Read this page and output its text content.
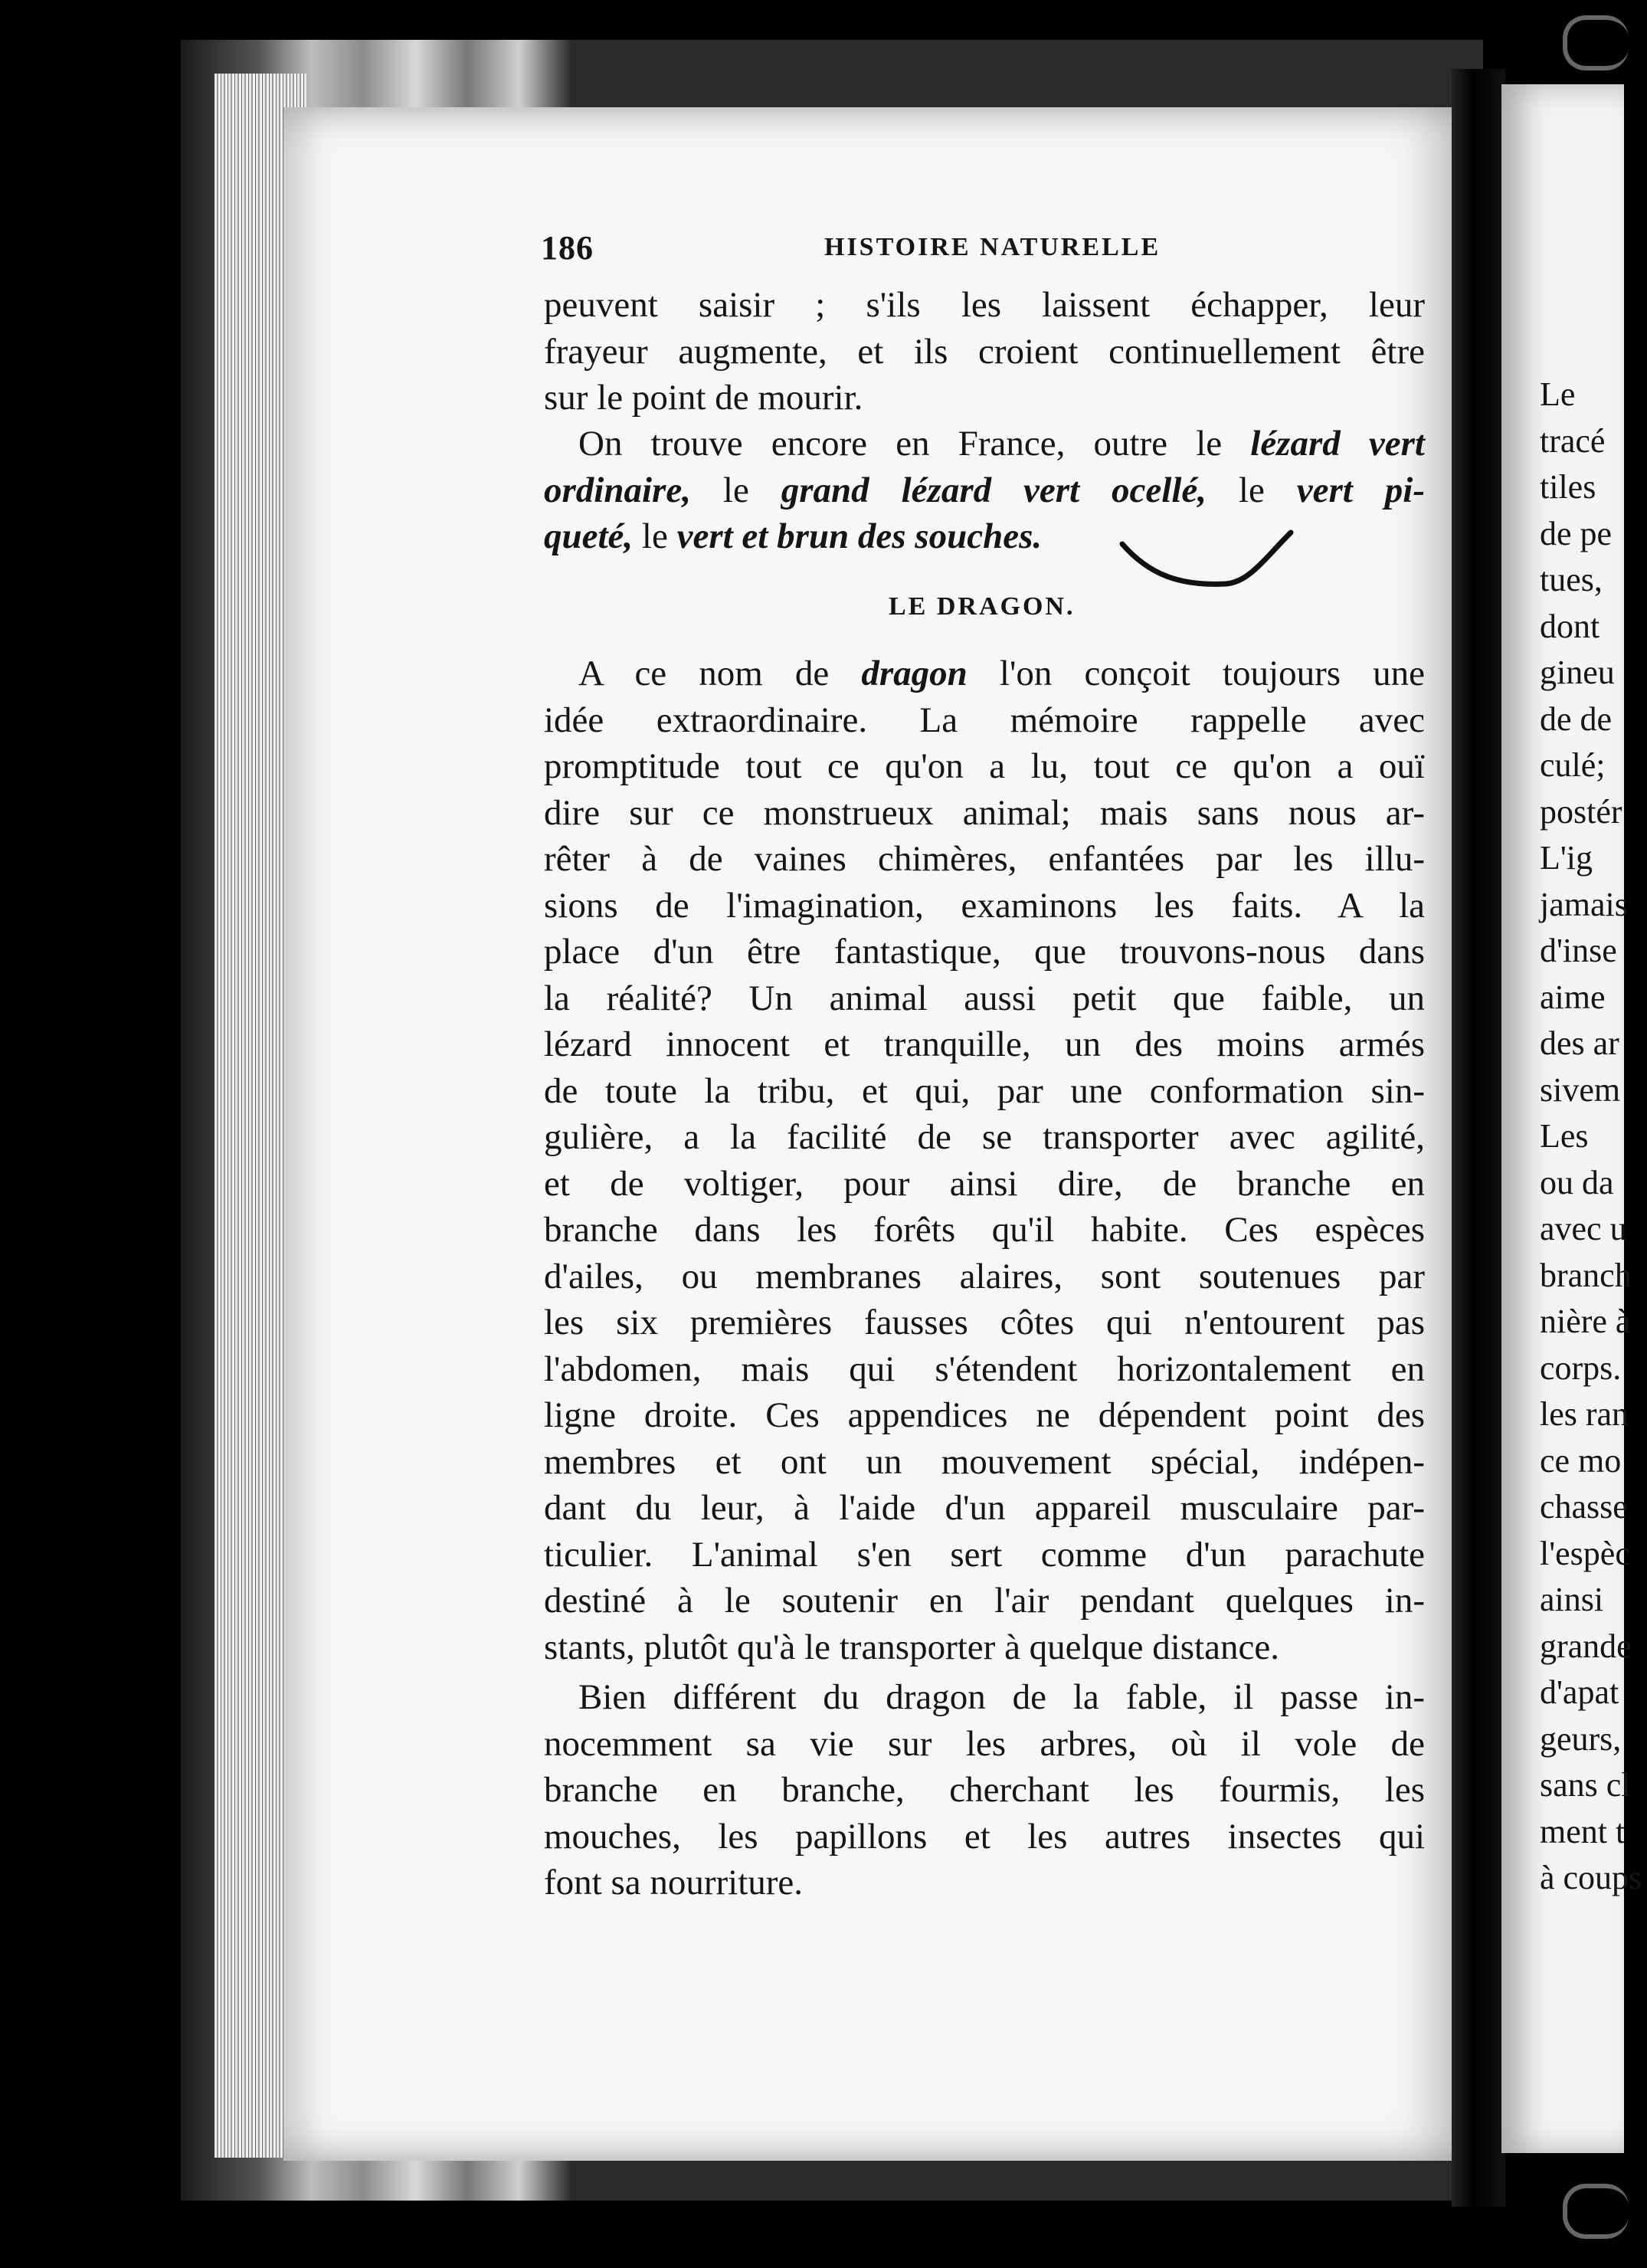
186	HISTOIRE NATURELLE
peuvent saisir ; s'ils les laissent échapper, leur
frayeur augmente, et ils croient continuellement être
sur le point de mourir.
On trouve encore en France, outre le lézard vert
ordinaire, le grand lézard vert ocellé, le vert pi-
queté, le vert et brun des souches.
LE DRAGON.
A ce nom de dragon l'on conçoit toujours une
idée extraordinaire. La mémoire rappelle avec
promptitude tout ce qu'on a lu, tout ce qu'on a ouï
dire sur ce monstrueux animal; mais sans nous ar-
rêter à de vaines chimères, enfantées par les illu-
sions de l'imagination, examinons les faits. A la
place d'un être fantastique, que trouvons-nous dans
la réalité? Un animal aussi petit que faible, un
lézard innocent et tranquille, un des moins armés
de toute la tribu, et qui, par une conformation sin-
gulière, a la facilité de se transporter avec agilité,
et de voltiger, pour ainsi dire, de branche en
branche dans les forêts qu'il habite. Ces espèces
d'ailes, ou membranes alaires, sont soutenues par
les six premières fausses côtes qui n'entourent pas
l'abdomen, mais qui s'étendent horizontalement en
ligne droite. Ces appendices ne dépendent point des
membres et ont un mouvement spécial, indépen-
dant du leur, à l'aide d'un appareil musculaire par-
ticulier. L'animal s'en sert comme d'un parachute
destiné à le soutenir en l'air pendant quelques in-
stants, plutôt qu'à le transporter à quelque distance.
Bien différent du dragon de la fable, il passe in-
nocemment sa vie sur les arbres, où il vole de
branche en branche, cherchant les fourmis, les
mouches, les papillons et les autres insectes qui
font sa nourriture.
Le
tracé
tiles
de pe
tues,
dont
gineu
de de
culé;
postér
L'ig
jamais
d'inse
aime
des ar
sivem
Les
ou da
avec u
branch
nière à
corps.
les ran
ce mo
chasse
l'espèc
ainsi
grande
d'apat
geurs,
sans cl
ment t
à coups
